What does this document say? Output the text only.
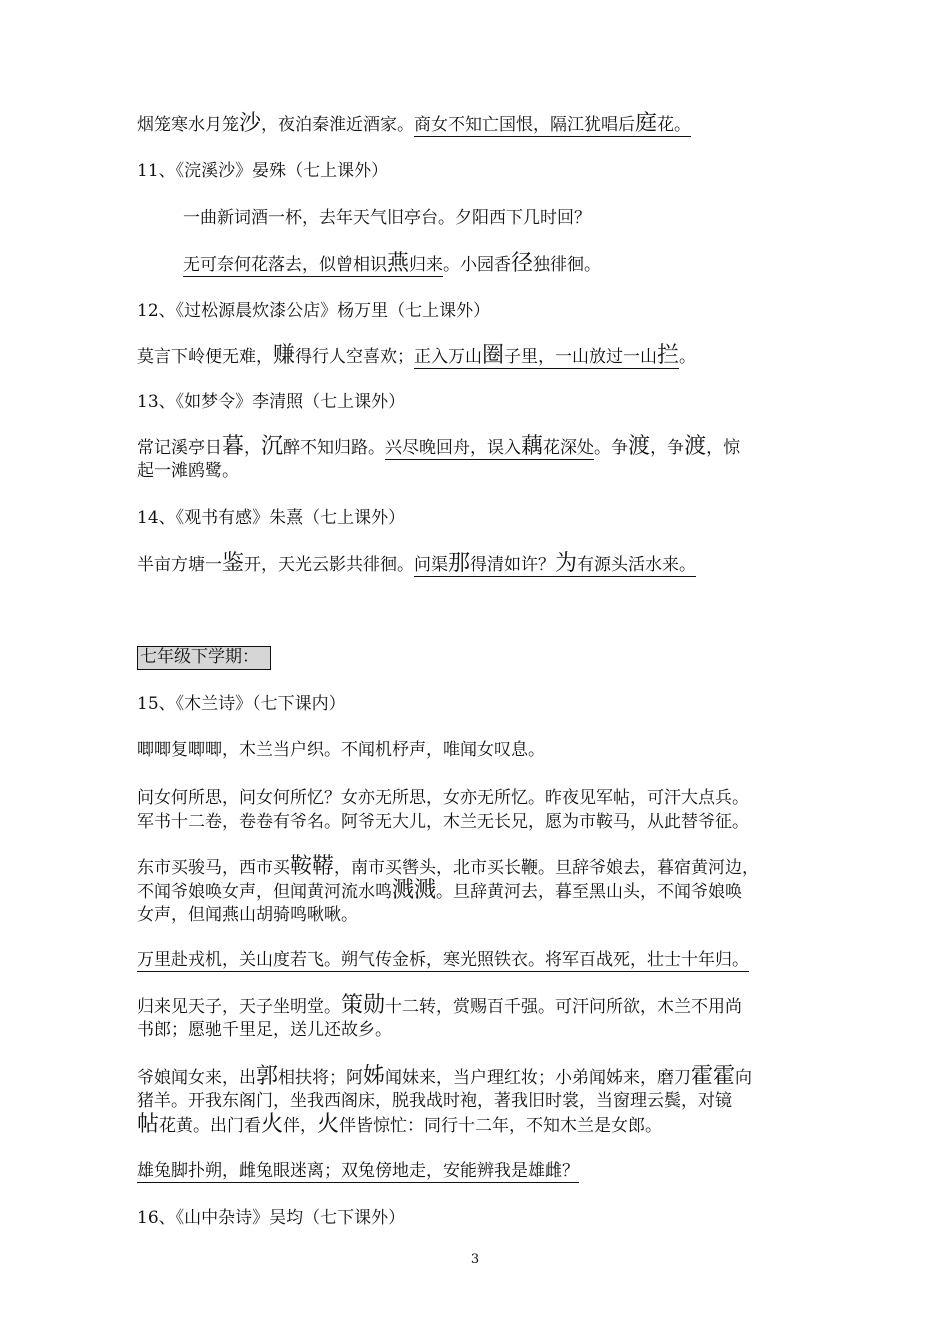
烟笼寒水月笼沙，夜泊秦淮近酒家。商女不知亡国恨，隔江犹唱后庭花。

11、《浣溪沙》晏殊（七上课外）

一曲新词酒一杯，去年天气旧亭台。夕阳西下几时回？

无可奈何花落去，似曾相识燕归来。小园香径独徘徊。

12、《过松源晨炊漆公店》杨万里（七上课外）

莫言下岭便无难，赚得行人空喜欢；正入万山圈子里，一山放过一山拦。

13、《如梦令》李清照（七上课外）

常记溪亭日暮，沉醉不知归路。兴尽晚回舟，误入藕花深处。争渡，争渡，惊

起一滩鸥鹭。

14、《观书有感》朱熹（七上课外）

半亩方塘一鉴开，天光云影共徘徊。问渠那得清如许？为有源头活水来。

七年级下学期：

15、《木兰诗》（七下课内）

唧唧复唧唧，木兰当户织。不闻机杼声，唯闻女叹息。

问女何所思，问女何所忆？女亦无所思，女亦无所忆。昨夜见军帖，可汗大点兵。

军书十二卷，卷卷有爷名。阿爷无大儿，木兰无长兄，愿为市鞍马，从此替爷征。

东市买骏马，西市买鞍鞯，南市买辔头，北市买长鞭。旦辞爷娘去，暮宿黄河边，

不闻爷娘唤女声，但闻黄河流水鸣溅溅。旦辞黄河去，暮至黑山头，不闻爷娘唤

女声，但闻燕山胡骑鸣啾啾。

万里赴戎机，关山度若飞。朔气传金柝，寒光照铁衣。将军百战死，壮士十年归。

归来见天子，天子坐明堂。策勋十二转，赏赐百千强。可汗问所欲，木兰不用尚

书郎；愿驰千里足，送儿还故乡。

爷娘闻女来，出郭相扶将；阿姊闻妹来，当户理红妆；小弟闻姊来，磨刀霍霍向

猪羊。开我东阁门，坐我西阁床，脱我战时袍，著我旧时裳，当窗理云鬓，对镜

帖花黄。出门看火伴，火伴皆惊忙：同行十二年，不知木兰是女郎。

雄兔脚扑朔，雌兔眼迷离；双兔傍地走，安能辨我是雄雌？

16、《山中杂诗》吴均（七下课外）

3
